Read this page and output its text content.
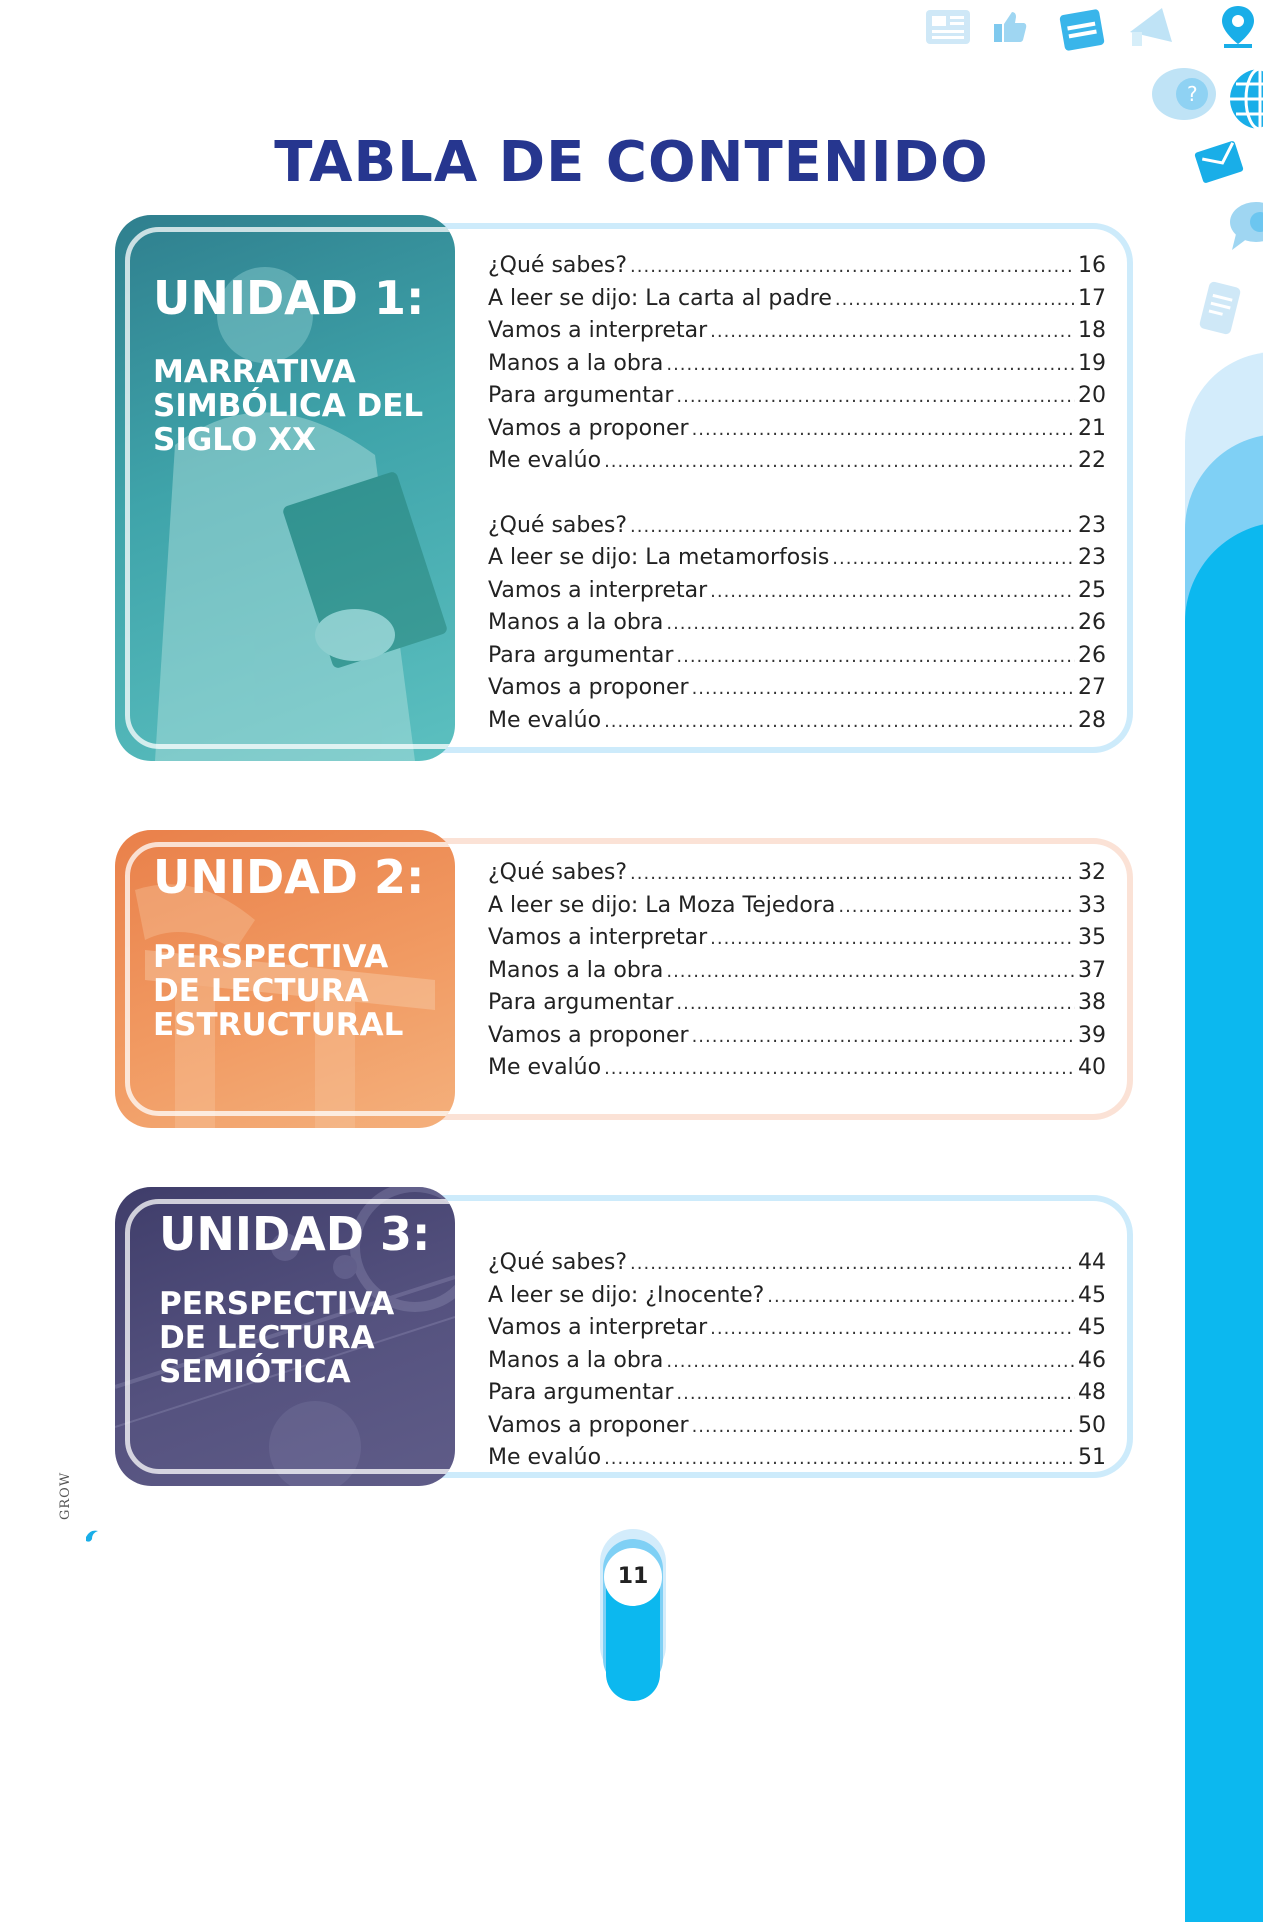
?
TABLA DE CONTENIDO
UNIDAD 1:
MARRATIVA
SIMBÓLICA DEL
SIGLO XX
¿Qué sabes? .....	16
A leer se dijo: La carta al padre .....	17
Vamos a interpretar .....	18
Manos a la obra .....	19
Para argumentar .....	20
Vamos a proponer .....	21
Me evalúo .....	22
¿Qué sabes? .....	23
A leer se dijo: La metamorfosis .....	23
Vamos a interpretar .....	25
Manos a la obra .....	26
Para argumentar .....	26
Vamos a proponer .....	27
Me evalúo .....	28
UNIDAD 2:
PERSPECTIVA
DE LECTURA
ESTRUCTURAL
¿Qué sabes? .....	32
A leer se dijo: La Moza Tejedora .....	33
Vamos a interpretar .....	35
Manos a la obra .....	37
Para argumentar .....	38
Vamos a proponer .....	39
Me evalúo .....	40
UNIDAD 3:
PERSPECTIVA
DE LECTURA
SEMIÓTICA
¿Qué sabes? .....	44
A leer se dijo: ¿Inocente? .....	45
Vamos a interpretar .....	45
Manos a la obra .....	46
Para argumentar .....	48
Vamos a proponer .....	50
Me evalúo .....	51
GROW
11
